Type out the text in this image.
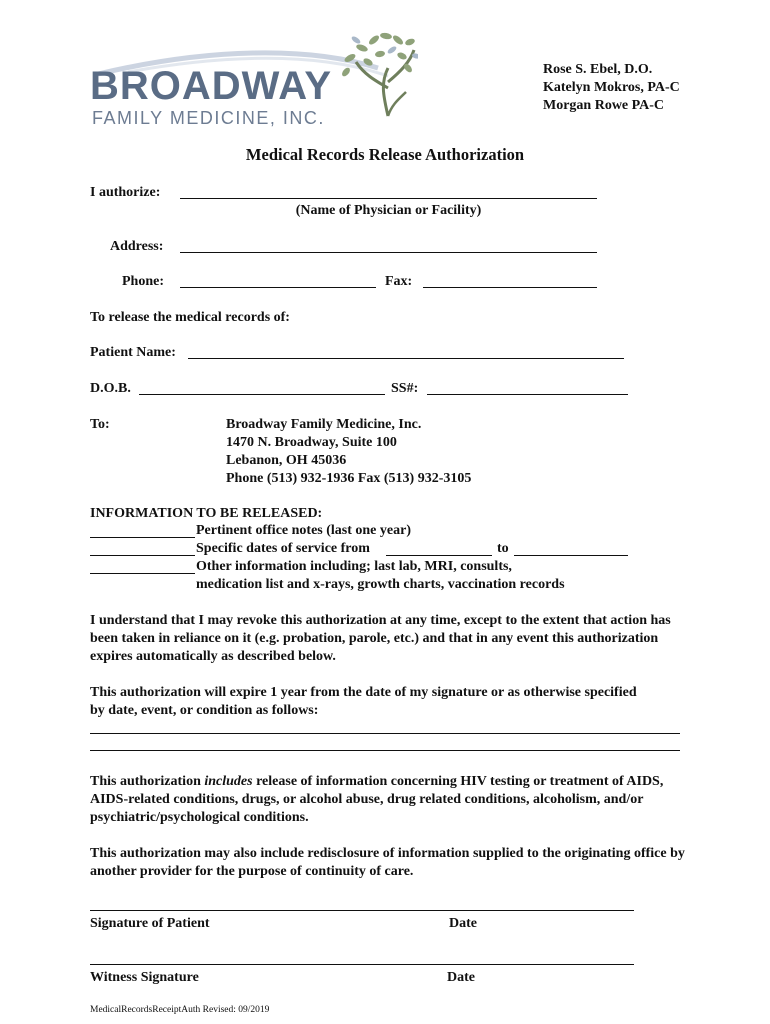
BROADWAY
FAMILY MEDICINE, INC.
Rose S. Ebel, D.O.
Katelyn Mokros, PA-C
Morgan Rowe PA-C
Medical Records Release Authorization
I authorize:
(Name of Physician or Facility)
Address:
Phone:	Fax:
To release the medical records of:
Patient Name:
D.O.B.	SS#:
To:	Broadway Family Medicine, Inc.
1470 N. Broadway, Suite 100
Lebanon, OH 45036
Phone (513) 932-1936 Fax (513) 932-3105
INFORMATION TO BE RELEASED:
Pertinent office notes (last one year)
Specific dates of service from	to
Other information including; last lab, MRI, consults,
medication list and x-rays, growth charts, vaccination records
I understand that I may revoke this authorization at any time, except to the extent that action has been taken in reliance on it (e.g. probation, parole, etc.) and that in any event this authorization expires automatically as described below.
This authorization will expire 1 year from the date of my signature or as otherwise specified by date, event, or condition as follows:
This authorization includes release of information concerning HIV testing or treatment of AIDS, AIDS-related conditions, drugs, or alcohol abuse, drug related conditions, alcoholism, and/or psychiatric/psychological conditions.
This authorization may also include redisclosure of information supplied to the originating office by another provider for the purpose of continuity of care.
Signature of Patient	Date
Witness Signature	Date
MedicalRecordsReceiptAuth Revised: 09/2019
